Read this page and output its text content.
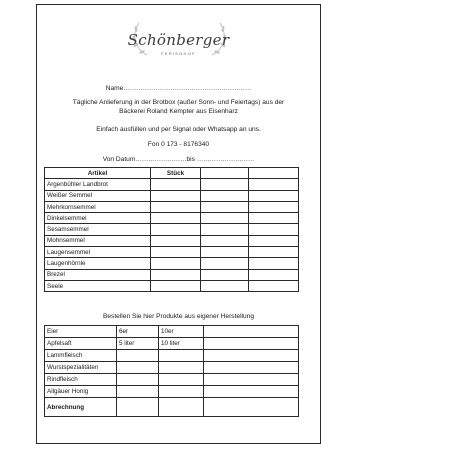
Schönberger
FERIENHOF
Name……………………………………………………
Tägliche Anlieferung in der Brotbox (außer Sonn- und Feiertags) aus der
Bäckerei Roland Kempter aus Eisenharz
Einfach ausfüllen und per Signal oder Whatsapp an uns.
Fon 0 173 - 8176340
Von Datum……………………bis ………………………
Bestellen Sie hier Produkte aus eigener Herstellung
Artikel	Stück		
Argenbühler Landbrot			
Weißer Semmel			
Mehrkornsemmel			
Dinkelsemmel			
Sesamsemmel			
Mohnsemmel			
Laugensemmel			
Laugenhörnle			
Brezel			
Seele			
Eier	6er	10er	
Apfelsaft	5 liter	10 liter	
Lammfleisch			
Wurstspezialitäten			
Rindfleisch			
Allgäuer Honig			
Abrechnung			
